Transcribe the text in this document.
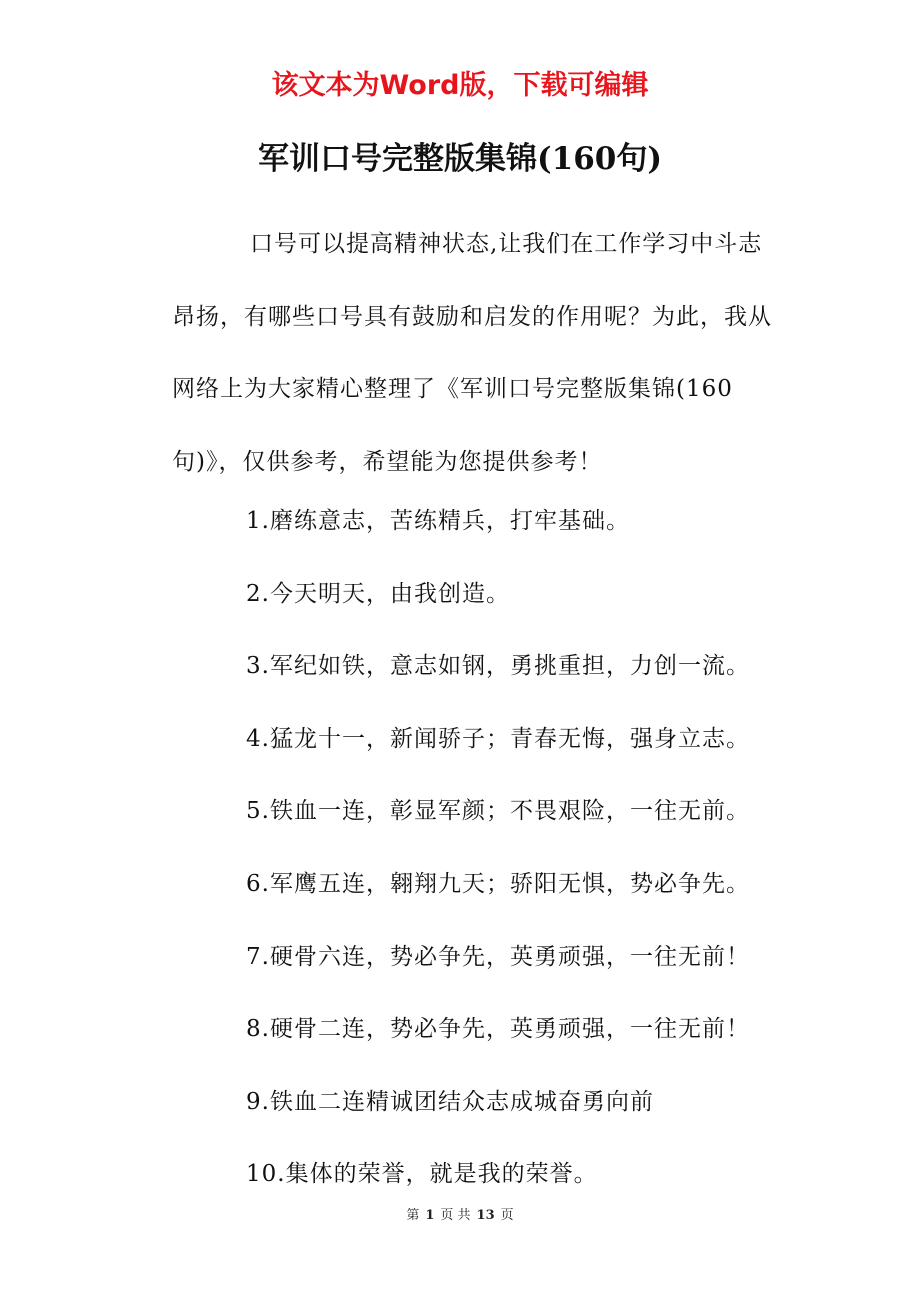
该文本为Word版，下载可编辑
军训口号完整版集锦(160句)

口号可以提高精神状态,让我们在工作学习中斗志昂扬，有哪些口号具有鼓励和启发的作用呢？为此，我从网络上为大家精心整理了《军训口号完整版集锦(160句)》，仅供参考，希望能为您提供参考！

1.磨练意志，苦练精兵，打牢基础。
2.今天明天，由我创造。
3.军纪如铁，意志如钢，勇挑重担，力创一流。
4.猛龙十一，新闻骄子；青春无悔，强身立志。
5.铁血一连，彰显军颜；不畏艰险，一往无前。
6.军鹰五连，翱翔九天；骄阳无惧，势必争先。
7.硬骨六连，势必争先，英勇顽强，一往无前！
8.硬骨二连，势必争先，英勇顽强，一往无前！
9.铁血二连精诚团结众志成城奋勇向前
10.集体的荣誉，就是我的荣誉。
第 1 页 共 13 页
